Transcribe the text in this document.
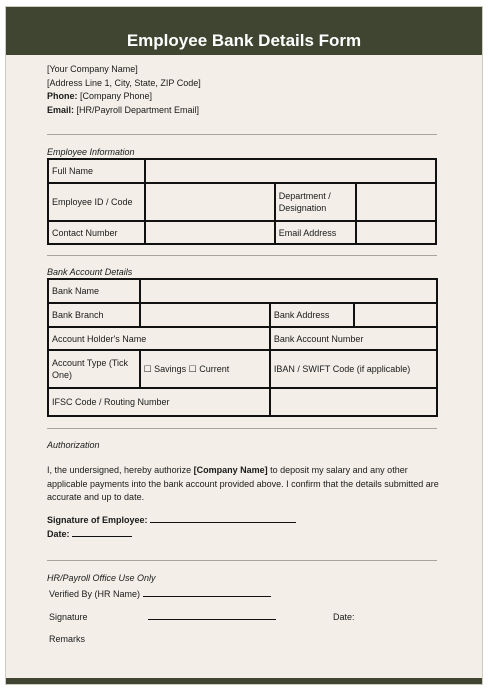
Employee Bank Details Form
[Your Company Name]
[Address Line 1, City, State, ZIP Code]
Phone: [Company Phone]
Email: [HR/Payroll Department Email]
Employee Information
Full Name			
Employee ID / Code		Department / Designation	
Contact Number		Email Address	
Bank Account Details
Bank Name			
Bank Branch		Bank Address	
Account Holder's Name		Bank Account Number	
Account Type (Tick One)	☐ Savings ☐ Current	IBAN / SWIFT Code (if applicable)	
IFSC Code / Routing Number			
Authorization
I, the undersigned, hereby authorize [Company Name] to deposit my salary and any other applicable payments into the bank account provided above. I confirm that the details submitted are accurate and up to date.
Signature of Employee:
Date:
HR/Payroll Office Use Only
Verified By (HR Name)
Signature	Date:
Remarks
